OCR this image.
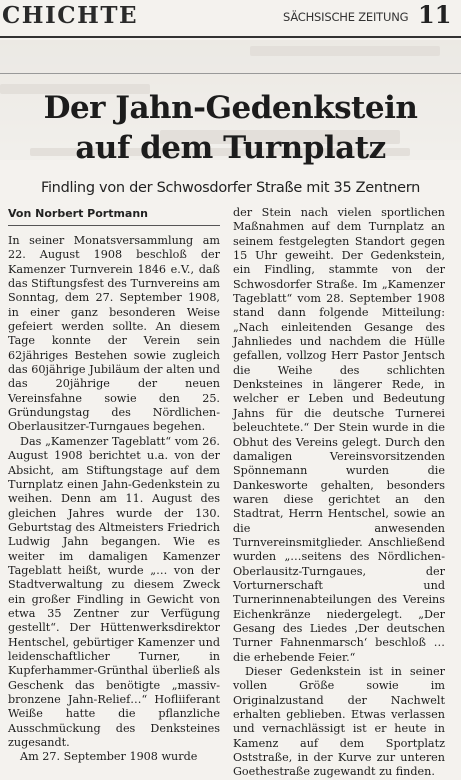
CHICHTE	SÄCHSISCHE ZEITUNG 11
Der Jahn-Gedenkstein
auf dem Turnplatz
Findling von der Schwosdorfer Straße mit 35 Zentnern
Von Norbert Portmann

In seiner Monatsversammlung am 22. August 1908 beschloß der Kamenzer Turnverein 1846 e.V., daß das Stiftungsfest des Turnvereins am Sonntag, dem 27. September 1908, in einer ganz besonderen Weise gefeiert werden sollte. An diesem Tage konnte der Verein sein 62jähriges Bestehen sowie zugleich das 60jährige Jubiläum der alten und das 20jährige der neuen Vereinsfahne sowie den 25. Gründungstag des Nördlichen-Oberlausitzer-Turngaues begehen.

Das „Kamenzer Tageblatt“ vom 26. August 1908 berichtet u.a. von der Absicht, am Stiftungstage auf dem Turnplatz einen Jahn-Gedenkstein zu weihen. Denn am 11. August des gleichen Jahres wurde der 130. Geburtstag des Altmeisters Friedrich Ludwig Jahn begangen. Wie es weiter im damaligen Kamenzer Tageblatt heißt, wurde „… von der Stadtverwaltung zu diesem Zweck ein großer Findling in Gewicht von etwa 35 Zentner zur Verfügung gestellt“. Der Hüttenwerksdirektor Hentschel, gebürtiger Kamenzer und leidenschaftlicher Turner, in Kupferhammer-Grünthal überließ als Geschenk das benötigte „massiv-bronzene Jahn-Relief…“ Hofliiferant Weiße hatte die pflanzliche Ausschmückung des Denksteines zugesandt.

Am 27. September 1908 wurde

der Stein nach vielen sportlichen Maßnahmen auf dem Turnplatz an seinem festgelegten Standort gegen 15 Uhr geweiht. Der Gedenkstein, ein Findling, stammte von der Schwosdorfer Straße. Im „Kamenzer Tageblatt“ vom 28. September 1908 stand dann folgende Mitteilung: „Nach einleitenden Gesange des Jahnliedes und nachdem die Hülle gefallen, vollzog Herr Pastor Jentsch die Weihe des schlichten Denksteines in längerer Rede, in welcher er Leben und Bedeutung Jahns für die deutsche Turnerei beleuchtete.“ Der Stein wurde in die Obhut des Vereins gelegt. Durch den damaligen Vereinsvorsitzenden Spönnemann wurden die Dankesworte gehalten, besonders waren diese gerichtet an den Stadtrat, Herrn Hentschel, sowie an die anwesenden Turnvereinsmitglieder. Anschließend wurden „…seitens des Nördlichen-Oberlausitz-Turngaues, der Vorturnerschaft und Turnerinnenabteilungen des Vereins Eichenkränze niedergelegt. „Der Gesang des Liedes ‚Der deutschen Turner Fahnenmarsch‘ beschloß …die erhebende Feier.“

Dieser Gedenkstein ist in seiner vollen Größe sowie im Originalzustand der Nachwelt erhalten geblieben. Etwas verlassen und vernachlässigt ist er heute in Kamenz auf dem Sportplatz Oststraße, in der Kurve zur unteren Goethestraße zugewandt zu finden.
